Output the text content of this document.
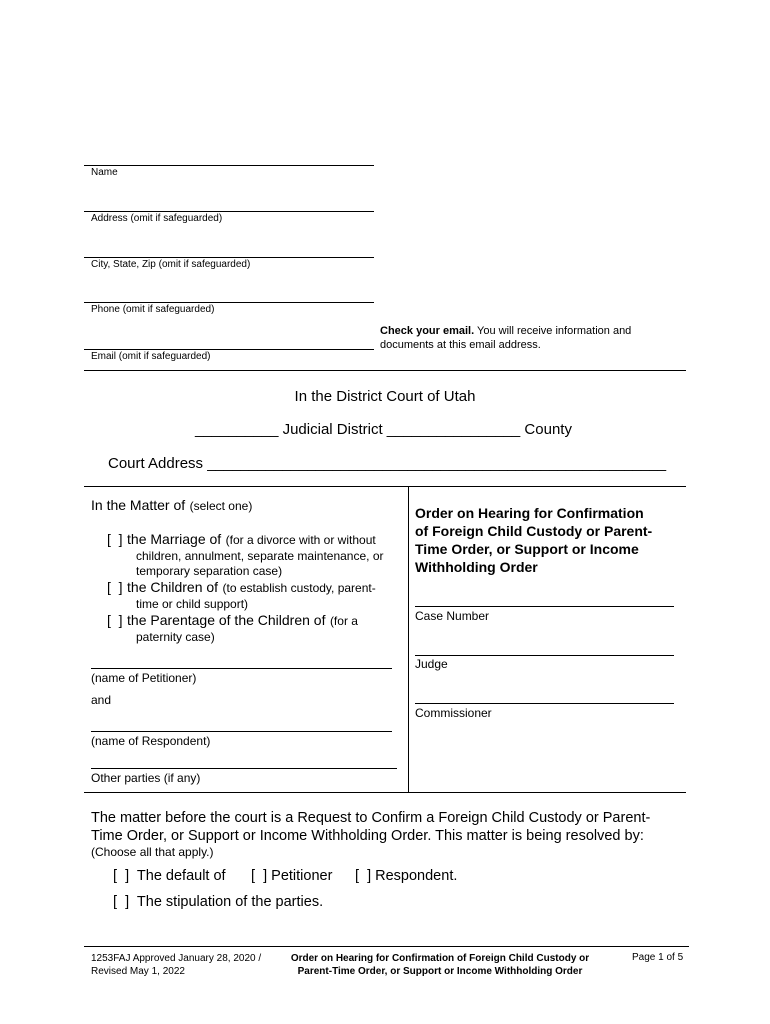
Name
Address (omit if safeguarded)
City, State, Zip (omit if safeguarded)
Phone (omit if safeguarded)
Email (omit if safeguarded)
Check your email. You will receive information and documents at this email address.
In the District Court of Utah
__________ Judicial District ________________ County
Court Address _______________________________________________________
In the Matter of (select one)
[  ] the Marriage of (for a divorce with or without
children, annulment, separate maintenance, or temporary separation case)
[  ] the Children of (to establish custody, parent-
time or child support)
[  ] the Parentage of the Children of (for a
paternity case)
(name of Petitioner)
and
(name of Respondent)
Other parties (if any)
Order on Hearing for Confirmation
of Foreign Child Custody or Parent-
Time Order, or Support or Income
Withholding Order
Case Number
Judge
Commissioner
The matter before the court is a Request to Confirm a Foreign Child Custody or Parent-
Time Order, or Support or Income Withholding Order. This matter is being resolved by:
(Choose all that apply.)
[  ]  The default of [  ] Petitioner [  ] Respondent.
[  ]  The stipulation of the parties.
1253FAJ Approved January 28, 2020 /
Revised May 1, 2022
Order on Hearing for Confirmation of Foreign Child Custody or
Parent-Time Order, or Support or Income Withholding Order
Page 1 of 5
